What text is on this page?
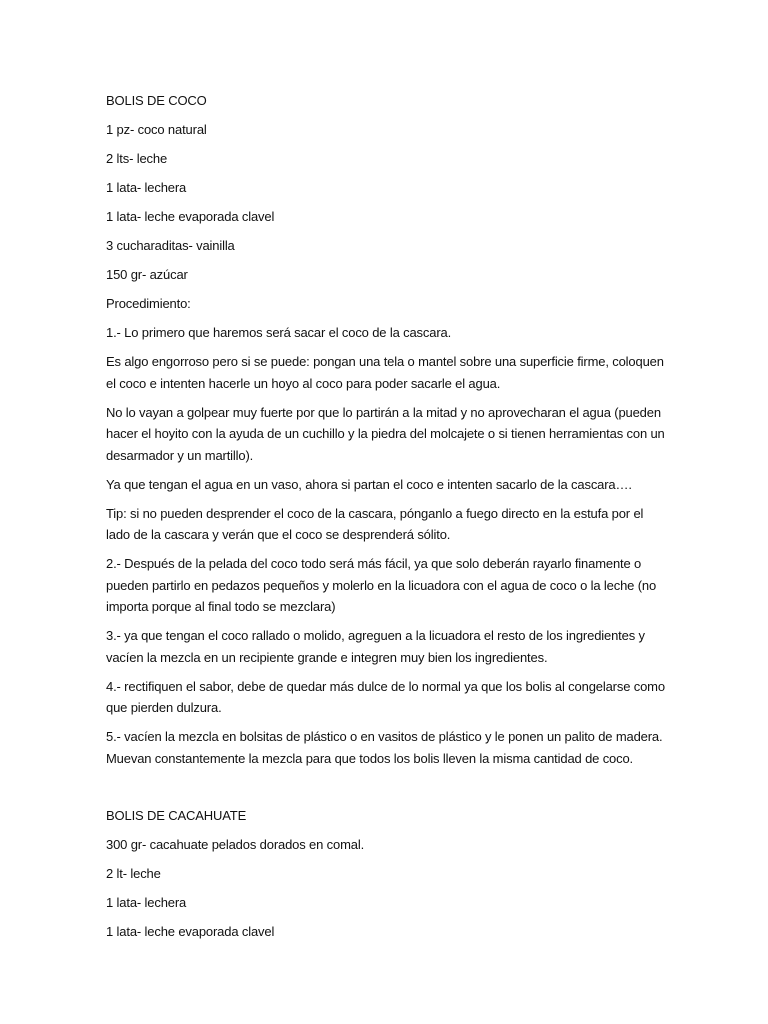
BOLIS DE COCO

1 pz- coco natural

2 lts- leche

1 lata- lechera

1 lata- leche evaporada clavel

3 cucharaditas- vainilla

150 gr- azúcar

Procedimiento:

1.- Lo primero que haremos será sacar el coco de la cascara.

Es algo engorroso pero si se puede: pongan una tela o mantel sobre una superficie firme, coloquen el coco e intenten hacerle un hoyo al coco para poder sacarle el agua.

No lo vayan a golpear muy fuerte por que lo partirán a la mitad y no aprovecharan el agua (pueden hacer el hoyito con la ayuda de un cuchillo y la piedra del molcajete o si tienen herramientas con un desarmador y un martillo).

Ya que tengan el agua en un vaso, ahora si partan el coco e intenten sacarlo de la cascara….

Tip: si no pueden desprender el coco de la cascara, pónganlo a fuego directo en la estufa por el lado de la cascara y verán que el coco se desprenderá sólito.

2.- Después de la pelada del coco todo será más fácil, ya que solo deberán rayarlo finamente o pueden partirlo en pedazos pequeños y molerlo en la licuadora con el agua de coco o la leche (no importa porque al final todo se mezclara)

3.- ya que tengan el coco rallado o molido, agreguen a la licuadora el resto de los ingredientes y vacíen la mezcla en un recipiente grande e integren muy bien los ingredientes.

4.- rectifiquen el sabor, debe de quedar más dulce de lo normal ya que los bolis al congelarse como que pierden dulzura.

5.- vacíen la mezcla en bolsitas de plástico o en vasitos de plástico y le ponen un palito de madera. Muevan constantemente la mezcla para que todos los bolis lleven la misma cantidad de coco.

BOLIS DE CACAHUATE

300 gr- cacahuate pelados dorados en comal.

2 lt- leche

1 lata- lechera

1 lata- leche evaporada clavel
